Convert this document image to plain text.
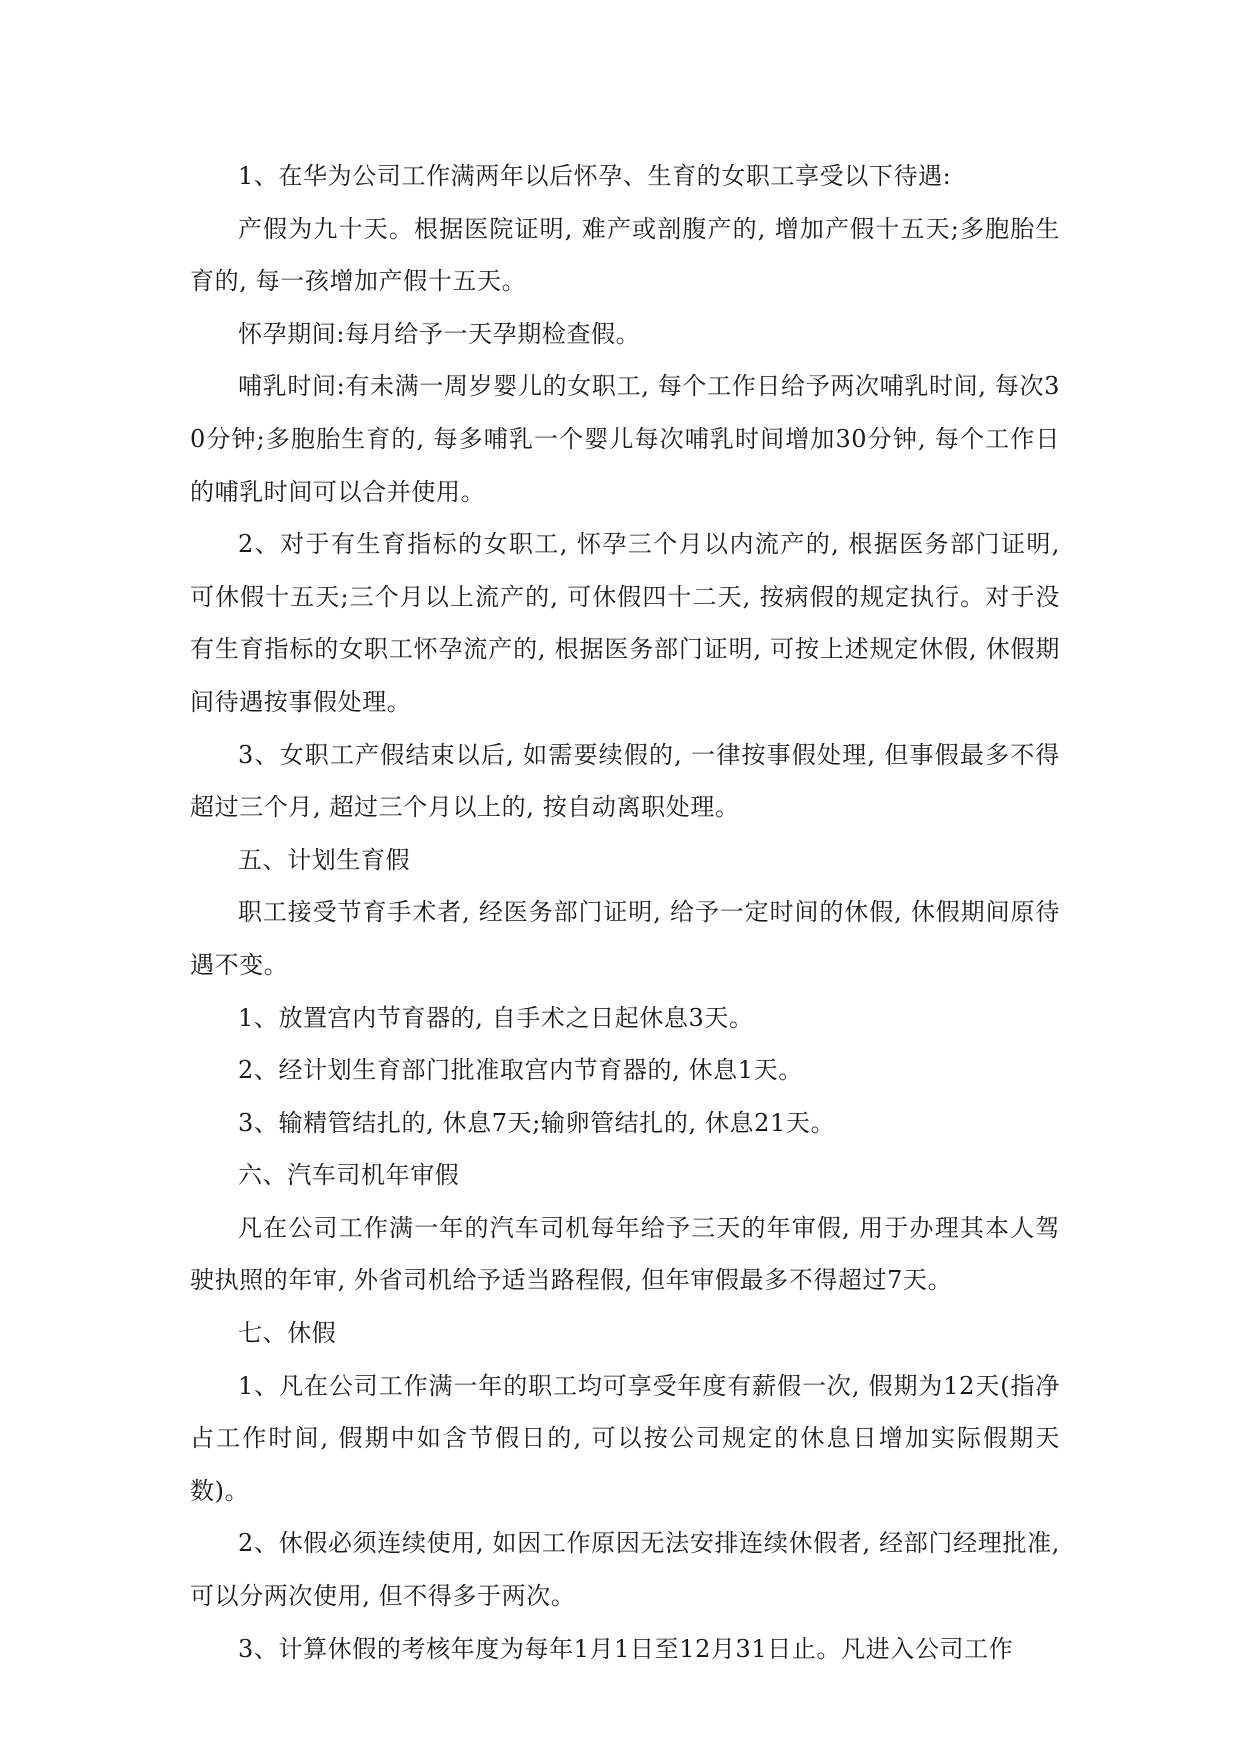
1、在华为公司工作满两年以后怀孕、生育的女职工享受以下待遇:

产假为九十天。根据医院证明, 难产或剖腹产的, 增加产假十五天;多胞胎生育的, 每一孩增加产假十五天。

怀孕期间:每月给予一天孕期检查假。

哺乳时间:有未满一周岁婴儿的女职工, 每个工作日给予两次哺乳时间, 每次30分钟;多胞胎生育的, 每多哺乳一个婴儿每次哺乳时间增加30分钟, 每个工作日的哺乳时间可以合并使用。

2、对于有生育指标的女职工, 怀孕三个月以内流产的, 根据医务部门证明, 可休假十五天;三个月以上流产的, 可休假四十二天, 按病假的规定执行。对于没有生育指标的女职工怀孕流产的, 根据医务部门证明, 可按上述规定休假, 休假期间待遇按事假处理。

3、女职工产假结束以后, 如需要续假的, 一律按事假处理, 但事假最多不得超过三个月, 超过三个月以上的, 按自动离职处理。

五、计划生育假

职工接受节育手术者, 经医务部门证明, 给予一定时间的休假, 休假期间原待遇不变。

1、放置宫内节育器的, 自手术之日起休息3天。

2、经计划生育部门批准取宫内节育器的, 休息1天。

3、输精管结扎的, 休息7天;输卵管结扎的, 休息21天。

六、汽车司机年审假

凡在公司工作满一年的汽车司机每年给予三天的年审假, 用于办理其本人驾驶执照的年审, 外省司机给予适当路程假, 但年审假最多不得超过7天。

七、休假

1、凡在公司工作满一年的职工均可享受年度有薪假一次, 假期为12天(指净占工作时间, 假期中如含节假日的, 可以按公司规定的休息日增加实际假期天数)。

2、休假必须连续使用, 如因工作原因无法安排连续休假者, 经部门经理批准, 可以分两次使用, 但不得多于两次。

3、计算休假的考核年度为每年1月1日至12月31日止。凡进入公司工作
